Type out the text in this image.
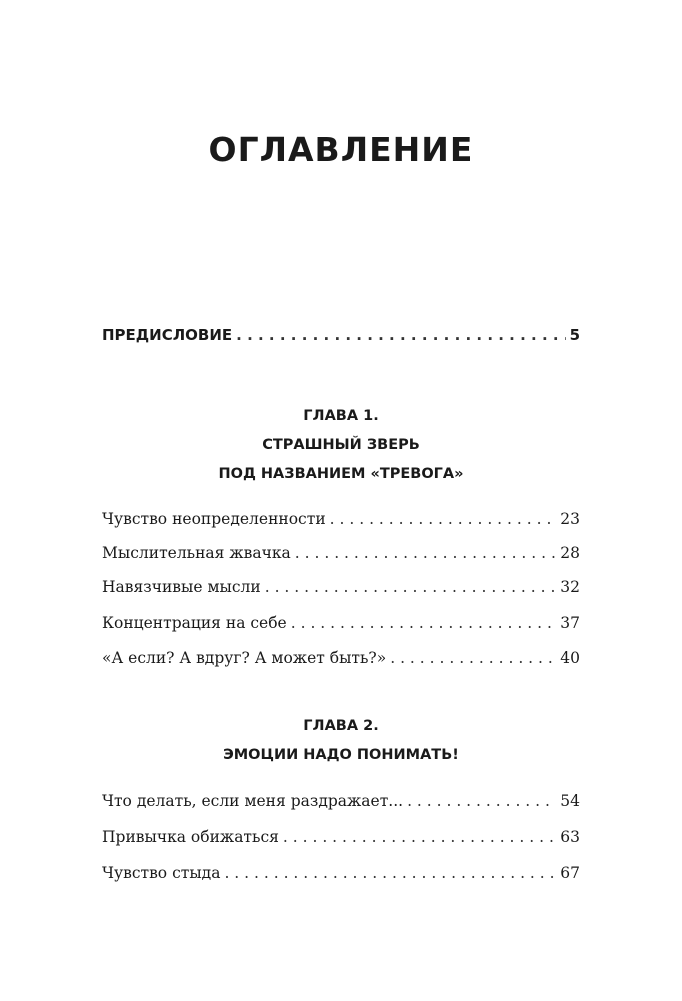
ОГЛАВЛЕНИЕ
ПРЕДИСЛОВИЕ . . .	5
ГЛАВА 1.
СТРАШНЫЙ ЗВЕРЬ
ПОД НАЗВАНИЕМ «ТРЕВОГА»
Чувство неопределенности . . .	23
Мыслительная жвачка . . .	28
Навязчивые мысли . . .	32
Концентрация на себе . . .	37
«А если? А вдруг? А может быть?» . . .	40
ГЛАВА 2.
ЭМОЦИИ НАДО ПОНИМАТЬ!
Что делать, если меня раздражает... . . .	54
Привычка обижаться . . .	63
Чувство стыда . . .	67
